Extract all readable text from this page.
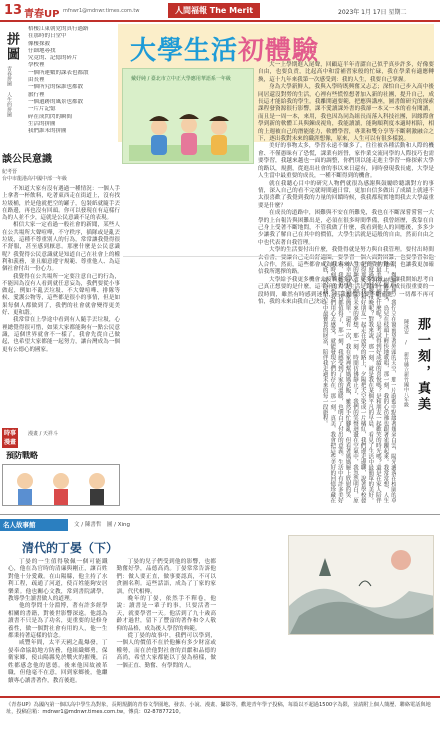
13 青春UP mfnwr1@mdnwr.times.com.tw	人間福報 The Merit	2023年 1月 17日 星期二
拼圖
青春拼圖 人生的拼圖
梧棲江東朝党的真行過路
在那時的日堂中
像棲探殺
仔細地尋找
究竟的、記憶的碎片
學校裡
一個所運數的課表也都散
由長裡
一個所究的保誰也都散
旅行裡
一個遺跡的風景也都散
一片片記憶
碎在成閃閃的瞬間
生活的拼圖
我們誰未的拼圖
大學生活初體驗
戴妤純 / 臺北市立中正大學應用華語系一年級

大一上學期進入尾聲，回顧這半年青澀自己似乎真步許多，好像要自由，也要負責，比起高中和當補習家般的忙碌，我在學業有適應轉換，這十九年來我第一次感受到：我的人生，我要自己掌握。

身為大學新鮮人，我與入學時既興奮又忐忑；深怕自己步入高中後同居還沒對勞的生活，心裡有些慌惶想著加入新的社團，提升自己，成長這才能給我的學生。我離開過要範，把應與講座，圖書館研究的探索課程發資源很行影響，課不愛讀課外書的我卻一本又一本的看有閱讀，而且是一周一本，來用，我也因為同為組長而落入科技社團，因緣際會學到新的軟體工具與鍊成視角，我能讀讀，能夠順利度本適時相陪，相的上週被自己的潛能能力，軟體學習，專業和雙分享等不斷刺激融合之下，逐出我對未來的職涯想像，原來，人生可以有很多樣貌。

美好的事物太多，學習永遠不嫌多了，往往被各種活動和人際的機會、不僅愚昧有了恐慌，課業有經營，家作業交流同學的人際技巧也需要學習，我越來越也一面的調整，你們別以能走進主學習一條探索大學的路以，規劃，從進出社會的事以來日還有，同時發現我長處，大學是人生當中最重要的成長，一種不斷得到的機會。

就在我聽心目中的研究人物們就很為感謝與鼓勵聆聽講對方的事情，深入自己的看不完就時間過日常，更加自信多做出了成績上就連不太很喜歡了我覺到我的力量的回饋時候，我我都現實地問我去大學最重要是什麼？

在成長的道路中，困難與不安在所難免，我也在不斷深嘗嘗嘗一大學的上台報告與困難出是，必須在很多時間準備，我曾經歷，我靠在自己身上受著不斷地問，不管我做了什麼，我看到他人的回應後，多多少少讓我了解自己在其中的價值，大學生活就是這般的自由，然而自由之中也代表著自我管理。

大學的生活要付出什麼，我覺得就是努力與自我管理。要付出時間去看書，要讓自己走出舒適圈，要學習一個人面對困難，也要學習和他人合作，然而，這些都會成為我未來人生中寶貴的資產，也讓我更加確信我所選擇的路。

大學給予我更多機會去接觸更多人，更多領域，也讓我開始思考自己真正想要的是什麼，這半年的大學生活是對於一個人成長很重要的一段時間，雖然有時感到迷惘，但我相信只要不斷前進，一切都不再可怕，我的未來由我自己決定。

談公民意識
紀考晉
台中市龍港高中國中部一年級

不知道大家有沒有遇過一種情況：一個人手上拿著一杯飲料，吃著東西走在街道上，沒有找垃圾桶，於是他就把空的罐子，包裝紙就隨手丟在路邊，再也沒有回頭。你可以發現在有這樣行為的人並不少，這就是公民意識不足的表現。

相信大家一定看過一般社會的新聞，某些人在公共場所大聲喧嘩，不守秩序，插隊或是亂丟垃圾，這種不尊重別人的行為，常常讓我覺得很不舒服，甚至感到厭惡。那麼什麼是公民意識呢？我覺得公民意識就是知道自己在社會上的權利和義務，並且願意遵守規範、尊重他人、為這個社會付出一份心力。

我覺得在公共場所一定要注意自己的行為，不能因為沒有人看到就任意妄為，我們要從小事做起，例如不亂丟垃圾、不大聲喧嘩、排隊等候、愛護公物等，這些都是很小的事情，但是如果每個人都做到了，我們的社會就會變得更美好、更和諧。

我常常在上學途中看到有人隨手丟垃圾，心裡總覺得很可惜，如果大家都能夠有一點公民意識，這個世界就會不一樣了，我會先從自己做起，也希望大家都能一起努力，讓台灣成為一個更有公德心的國家。	那一刻，真美
陳泳安 / 新竹縣立新竹國中八年級
晨，微風輕拂，我佇立在窗前望著外頭的天空，那一片蔚藍中點綴著幾朵白雲，陽光灑落在校園的草地上，樹影搖曳，鳥兒在枝頭上輕快地歌唱，那一刻，我的心彷彿也跟著雀躍起來。我常常想，人生中最美的時刻是什麼呢？是考試得到好成績的喜悅嗎？是和朋友一起歡笑的時光嗎？還是在家人陪伴下度過的溫馨夜晚呢？對我來說，那一刻，就是我在某個平凡的早晨，看見了生活中最簡單的美好。記得那天，我和好朋友一起走在放學的路上，夕陽把天空染成一片橘紅，我們邊走邊聊，說著學校發生的趣事，聊著未來的夢想，那一刻，時間彷彿靜止了，我們的笑聲迴盪在空氣中，我忽然明白，原來幸福就是這麼簡單。還有一次，我在家裡幫媽媽煮飯，雖然手忙腳亂，但看著媽媽臉上欣慰的笑容，我覺得一切都值得了，那一刻，我感受到了家的溫暖，也明白了付出的意義。生活中有許多美好的時刻，只要我們用心去感受，就能發現它們的存在，那一刻，真美，我會把這些美好的回憶珍藏在心底，成為我人生中最寶貴的財富，陪伴我走過未來的每一段旅程。
時事漫畫
漫畫 / 天祥斗
預防戰略
名人故事館	文 / 陳書哲　圖 / Xing
清代的丁晏（下）

丁晏的一生值得敬佩一個可能鐵心，他在為官時的清廉與剛正，讓百姓對他十分愛戴。在山陽縣，他主持了水利工程，疏通了河道，使百姓能夠安居樂業。他也關心文教，常到書院講學，教導學生讀書做人的道理。

他的學問十分淵博，著有許多經學相關的書籍，對後世影響深遠。他認為讀書不只是為了功名，更重要的是修身養性，做一個對社會有用的人，他一生都秉持著這樣的信念。

咸豐年間，太平天國之亂爆發，丁晏奉命協助地方防務，他組織鄉勇，保衛家鄉，使山陽縣免於戰火的摧殘，百姓都感念他的恩德。後來他因故被革職，但他毫不在意，回到家鄉後，他繼續專心讀書著作，教育後進。

丁晏的兒子們受到他的影響，也都勤奮好學，品德高尚。丁晏常常告訴他們：做人要正直，做事要認真，不可以貪圖名利。這些話語，成為了丁家的家訓，代代相傳。

晚年的丁晏，依然手不釋卷，他說：讀書是一輩子的事，只要活著一天，就要學習一天。他活到了九十歲高齡才過世，留下了豐富的著作和令人敬仰的品格，成為後人學習的典範。

從丁晏的故事中，我們可以學到，一個人的價值不在於他擁有多少財富或權勢，而在於他對社會的貢獻和品德的高尚，希望大家都能以丁晏為榜樣，做一個正直、勤奮、有學問的人。

《青春UP》為國內第一個以高中學生為對象，長期規劃的青春文學園地，發表、小說、漫畫、攝影等，歡迎青年學子投稿，每篇以不超過1500字為限，並請附上個人簡歷、聯絡電話與地址，投稿信箱：mdnwr1@mdnwr.times.com.tw，傳真：02-87877210。
